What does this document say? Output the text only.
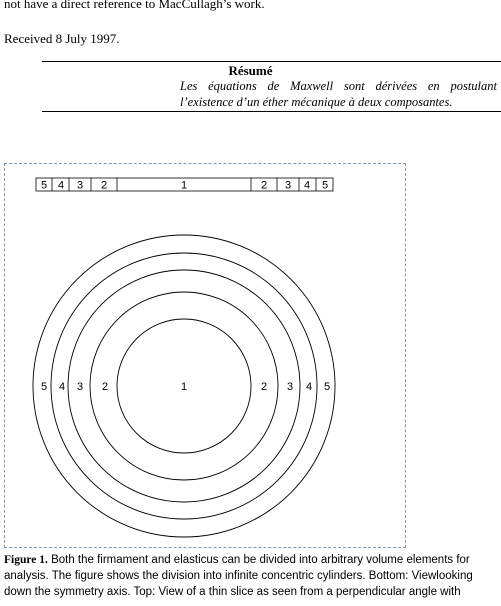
not have a direct reference to MacCullagh’s work.
Received 8 July 1997.
Résumé
Les équations de Maxwell sont dérivées en postulant
l’existence d’un éther mécanique à deux composantes.
5 4 3 2	1	2 3 4 5
5 4 3 2	1	2 3 4 5
Figure 1. Both the firmament and elasticus can be divided into arbitrary volume elements for
analysis. The figure shows the division into infinite concentric cylinders. Bottom: Viewlooking
down the symmetry axis. Top: View of a thin slice as seen from a perpendicular angle with
